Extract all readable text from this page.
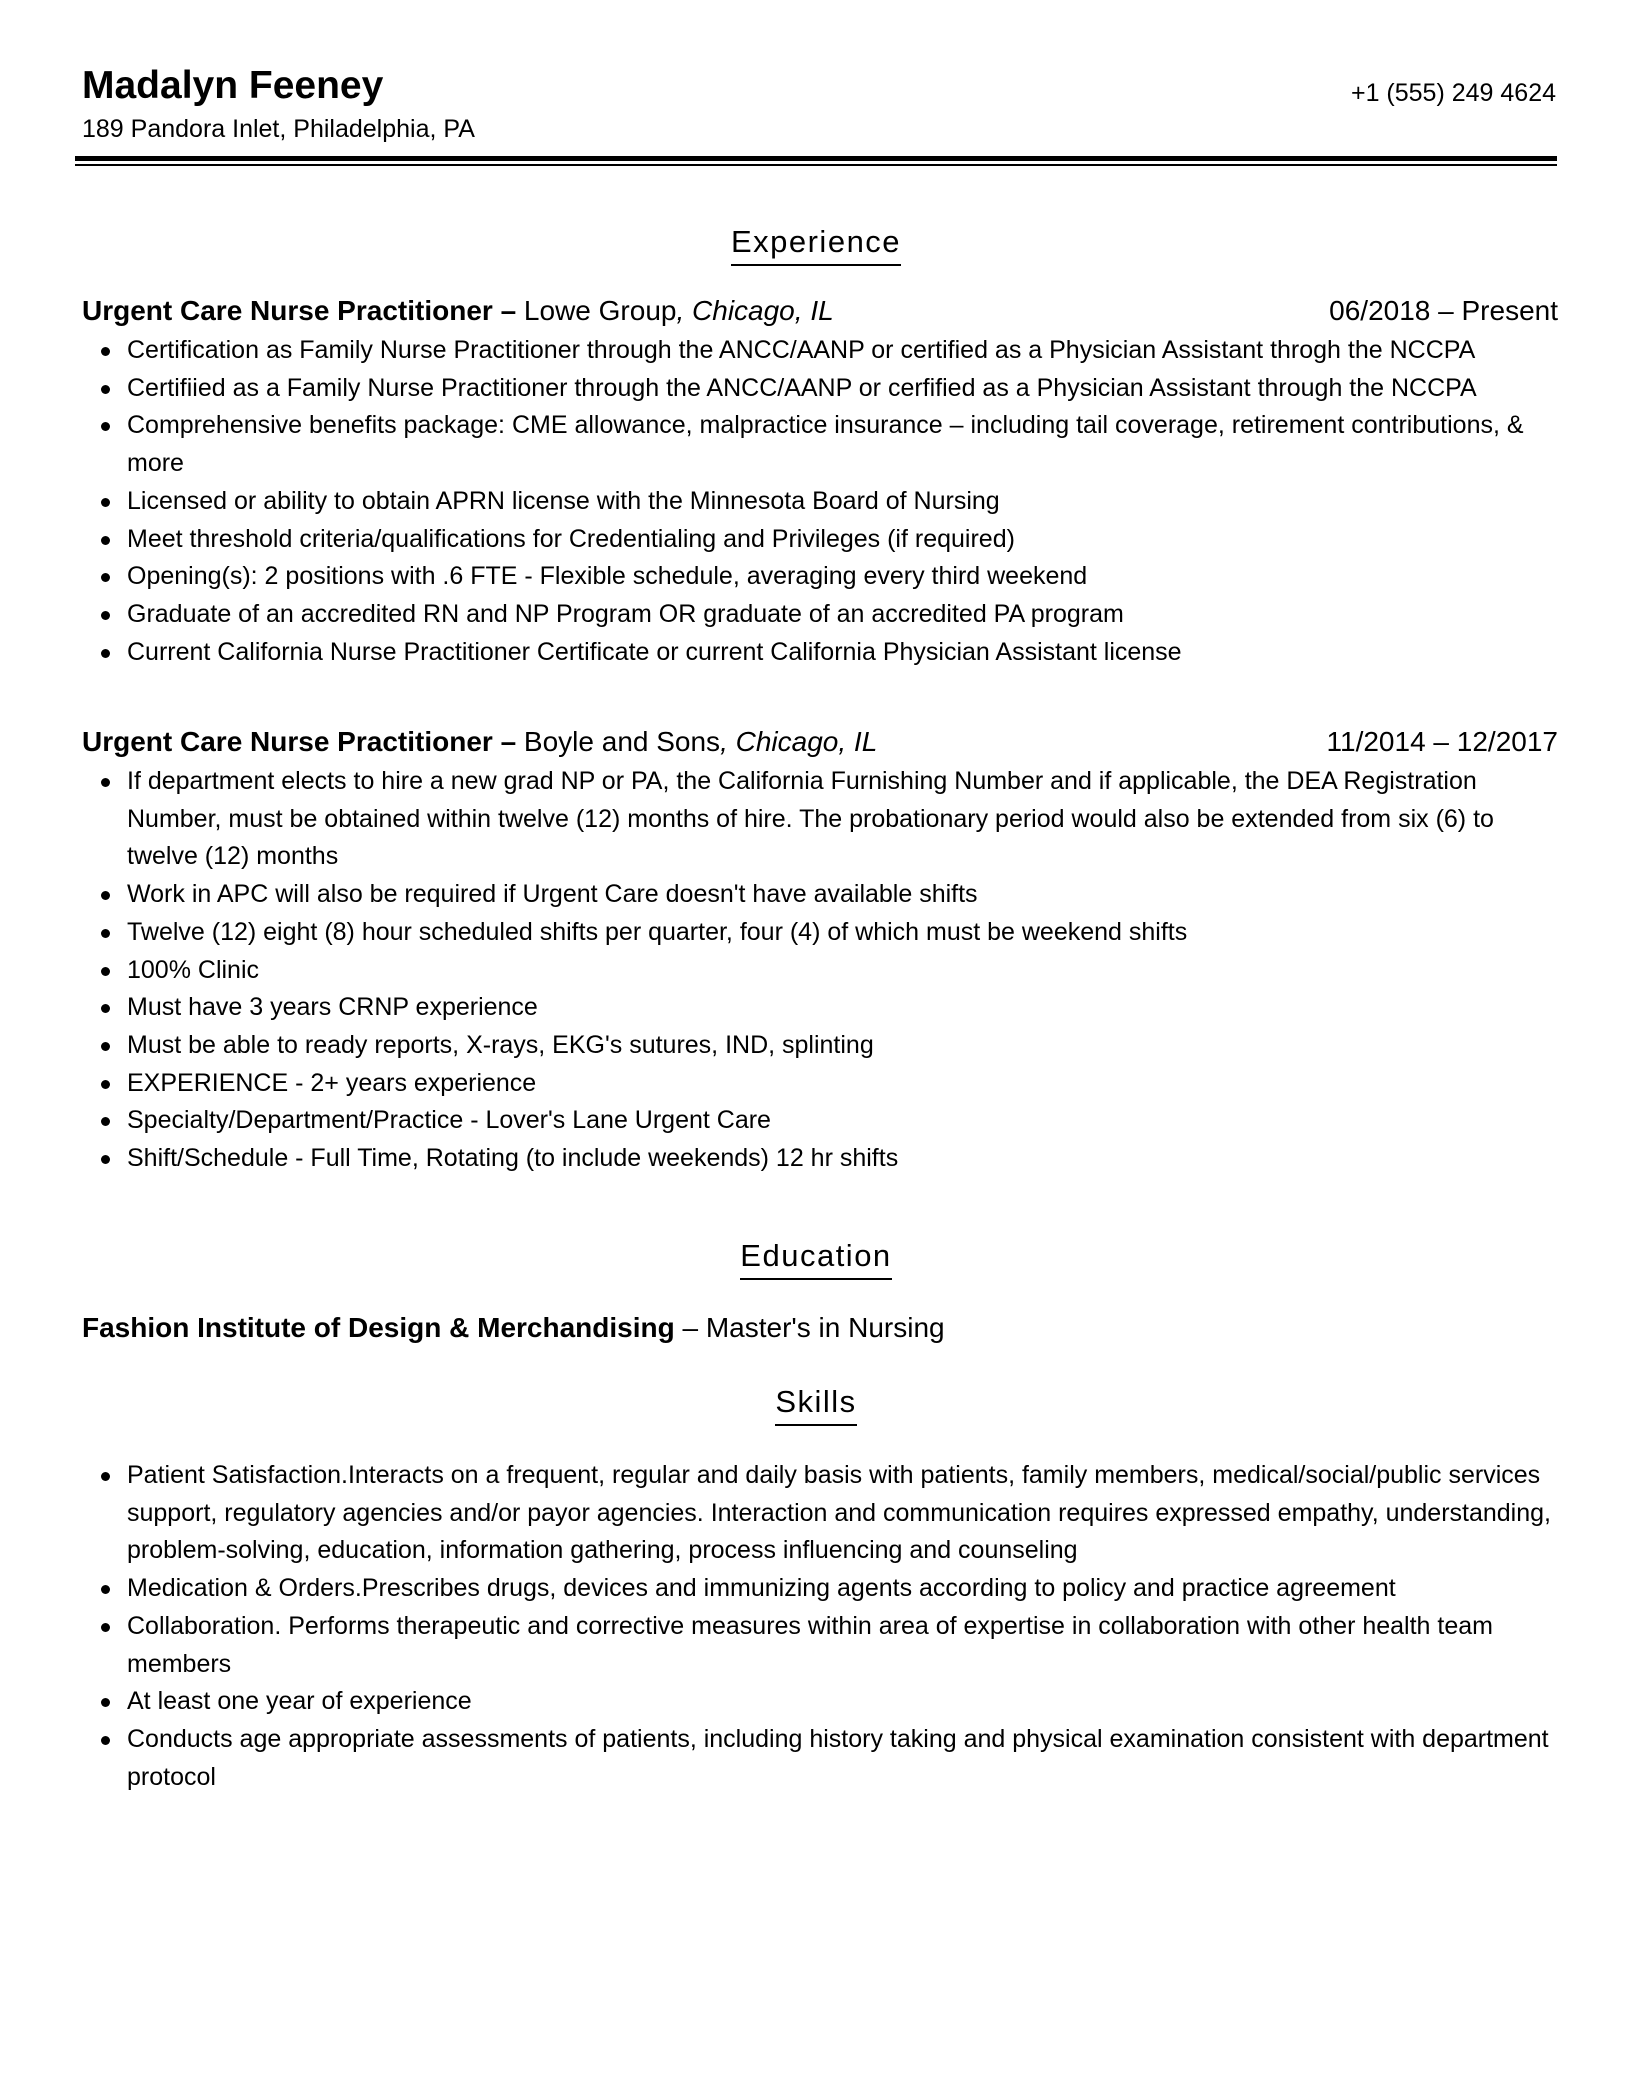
Madalyn Feeney
189 Pandora Inlet, Philadelphia, PA
+1 (555) 249 4624
Experience
Urgent Care Nurse Practitioner – Lowe Group, Chicago, IL	06/2018 – Present
Certification as Family Nurse Practitioner through the ANCC/AANP or certified as a Physician Assistant throgh the NCCPA
Certifiied as a Family Nurse Practitioner through the ANCC/AANP or cerfified as a Physician Assistant through the NCCPA
Comprehensive benefits package: CME allowance, malpractice insurance – including tail coverage, retirement contributions, & more
Licensed or ability to obtain APRN license with the Minnesota Board of Nursing
Meet threshold criteria/qualifications for Credentialing and Privileges (if required)
Opening(s): 2 positions with .6 FTE - Flexible schedule, averaging every third weekend
Graduate of an accredited RN and NP Program OR graduate of an accredited PA program
Current California Nurse Practitioner Certificate or current California Physician Assistant license
Urgent Care Nurse Practitioner – Boyle and Sons, Chicago, IL	11/2014 – 12/2017
If department elects to hire a new grad NP or PA, the California Furnishing Number and if applicable, the DEA Registration Number, must be obtained within twelve (12) months of hire. The probationary period would also be extended from six (6) to twelve (12) months
Work in APC will also be required if Urgent Care doesn't have available shifts
Twelve (12) eight (8) hour scheduled shifts per quarter, four (4) of which must be weekend shifts
100% Clinic
Must have 3 years CRNP experience
Must be able to ready reports, X-rays, EKG's sutures, IND, splinting
EXPERIENCE - 2+ years experience
Specialty/Department/Practice - Lover's Lane Urgent Care
Shift/Schedule - Full Time, Rotating (to include weekends) 12 hr shifts
Education
Fashion Institute of Design & Merchandising – Master's in Nursing
Skills
Patient Satisfaction.Interacts on a frequent, regular and daily basis with patients, family members, medical/social/public services support, regulatory agencies and/or payor agencies. Interaction and communication requires expressed empathy, understanding, problem-solving, education, information gathering, process influencing and counseling
Medication & Orders.Prescribes drugs, devices and immunizing agents according to policy and practice agreement
Collaboration. Performs therapeutic and corrective measures within area of expertise in collaboration with other health team members
At least one year of experience
Conducts age appropriate assessments of patients, including history taking and physical examination consistent with department protocol
